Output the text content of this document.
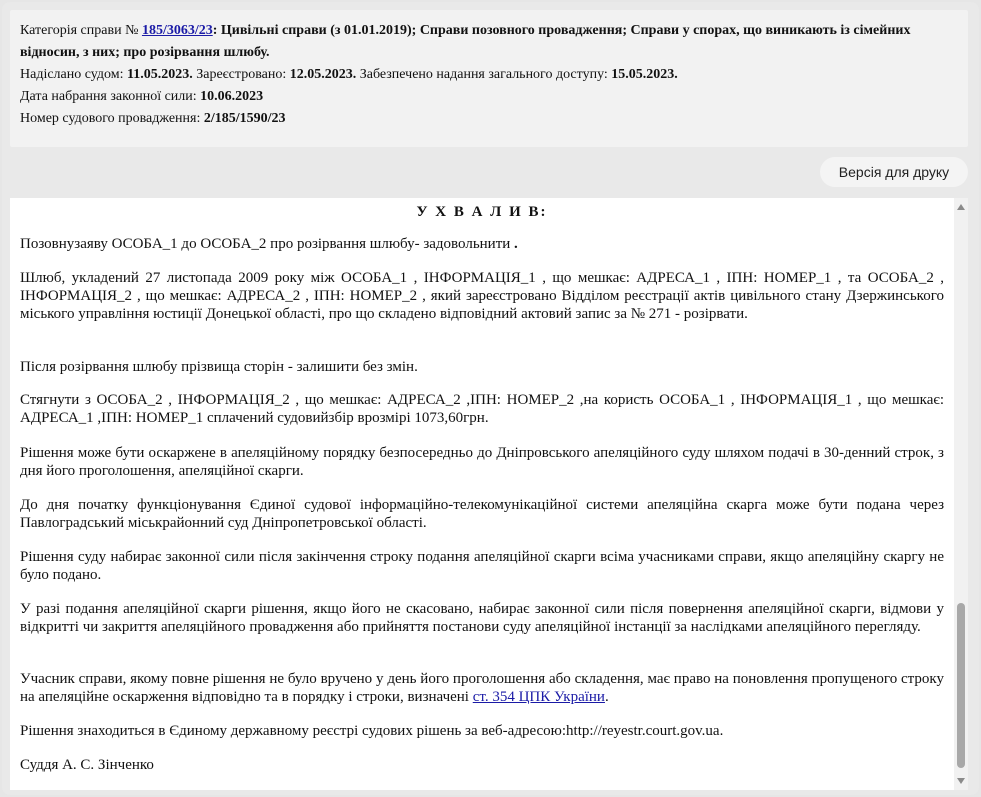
Категорія справи № 185/3063/23: Цивільні справи (з 01.01.2019); Справи позовного провадження; Справи у спорах, що виникають із сімейних

відносин, з них; про розірвання шлюбу.

Надіслано судом: 11.05.2023. Зареєстровано: 12.05.2023. Забезпечено надання загального доступу: 15.05.2023.

Дата набрання законної сили: 10.06.2023

Номер судового провадження: 2/185/1590/23

Версія для друку

У Х В А Л И В:

Позовнузаяву ОСОБА_1 до ОСОБА_2 про розірвання шлюбу- задовольнити .

Шлюб, укладений 27 листопада 2009 року між ОСОБА_1 , ІНФОРМАЦІЯ_1 , що мешкає: АДРЕСА_1 , ІПН: НОМЕР_1 , та ОСОБА_2 , ІНФОРМАЦІЯ_2 , що мешкає: АДРЕСА_2 , ІПН: НОМЕР_2 , який зареєстровано Відділом реєстрації актів цивільного стану Дзержинського міського управління юстиції Донецької області, про що складено відповідний актовий запис за № 271 - розірвати.

Після розірвання шлюбу прізвища сторін - залишити без змін.

Стягнути з ОСОБА_2 , ІНФОРМАЦІЯ_2 , що мешкає: АДРЕСА_2 ,ІПН: НОМЕР_2 ,на користь ОСОБА_1 , ІНФОРМАЦІЯ_1 , що мешкає: АДРЕСА_1 ,ІПН: НОМЕР_1 сплачений судовийзбір врозмірі 1073,60грн.

Рішення може бути оскаржене в апеляційному порядку безпосередньо до Дніпровського апеляційного суду шляхом подачі в 30-денний строк, з дня його проголошення, апеляційної скарги.

До дня початку функціонування Єдиної судової інформаційно-телекомунікаційної системи апеляційна скарга може бути подана через Павлоградський міськрайонний суд Дніпропетровської області.

Рішення суду набирає законної сили після закінчення строку подання апеляційної скарги всіма учасниками справи, якщо апеляційну скаргу не було подано.

У разі подання апеляційної скарги рішення, якщо його не скасовано, набирає законної сили після повернення апеляційної скарги, відмови у відкритті чи закриття апеляційного провадження або прийняття постанови суду апеляційної інстанції за наслідками апеляційного перегляду.

Учасник справи, якому повне рішення не було вручено у день його проголошення або складення, має право на поновлення пропущеного строку на апеляційне оскарження відповідно та в порядку і строки, визначені ст. 354 ЦПК України.

Рішення знаходиться в Єдиному державному реєстрі судових рішень за веб-адресою:http://reyestr.court.gov.ua.

Суддя А. С. Зінченко
